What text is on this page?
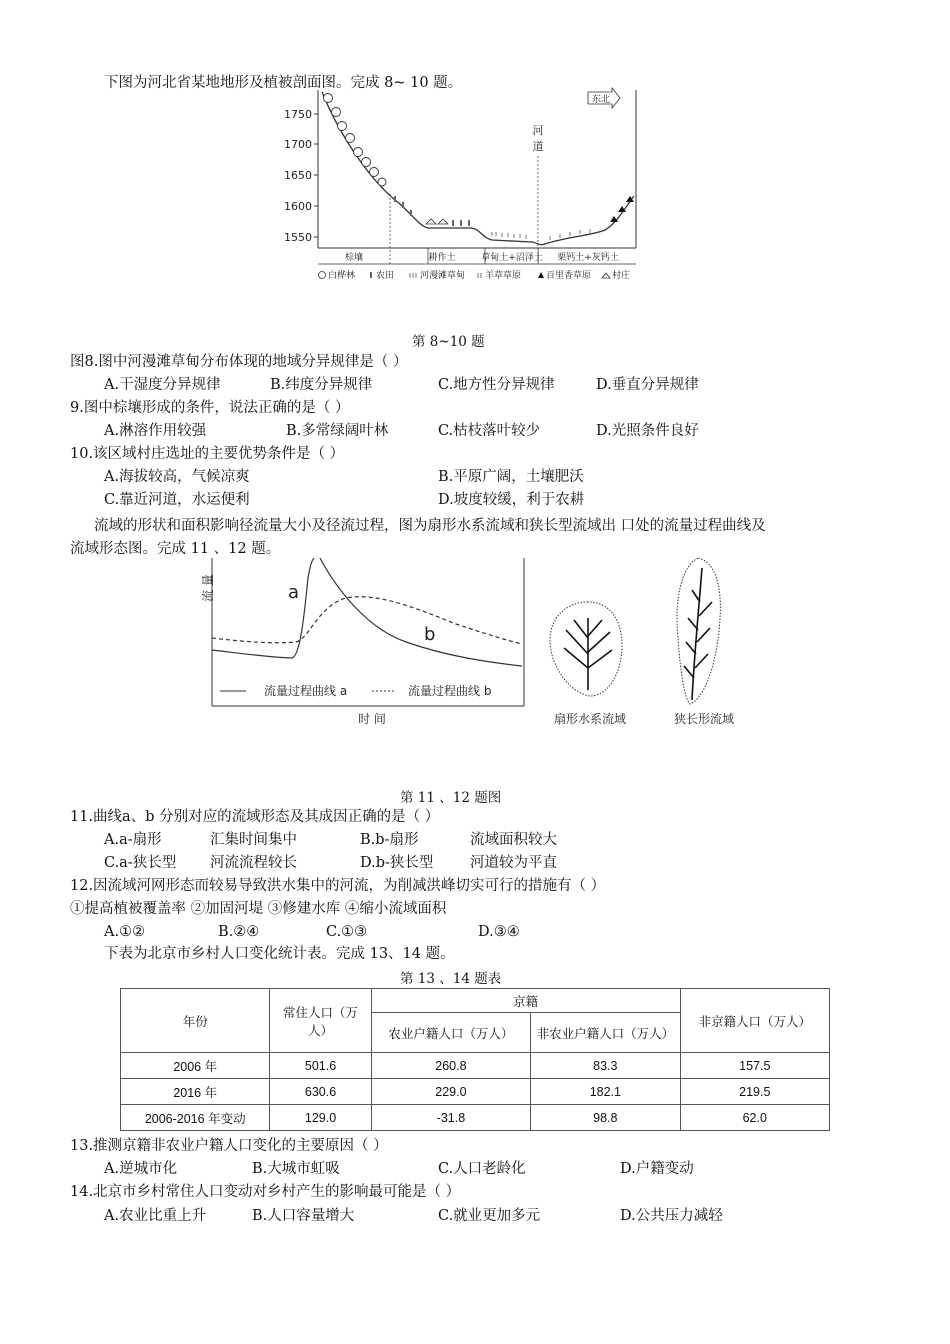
下图为河北省某地地形及植被剖面图。完成 8~ 10 题。
1750
1700
1650
1600
1550
东北
河
道
棕壤	耕作土	草甸土+沼泽土 栗钙土+灰钙土
白桦林 农田	河漫滩草甸 羊草草原	百里香草原 村庄
第 8~10 题
图8.图中河漫滩草甸分布体现的地域分异规律是（ ）
A.干湿度分异规律	B.纬度分异规律	C.地方性分异规律	D.垂直分异规律
9.图中棕壤形成的条件，说法正确的是（ ）
A.淋溶作用较强	B.多常绿阔叶林	C.枯枝落叶较少	D.光照条件良好
10.该区域村庄选址的主要优势条件是（ ）
A.海拔较高，气候凉爽	B.平原广阔，土壤肥沃
C.靠近河道，水运便利	D.坡度较缓，利于农耕
流域的形状和面积影响径流量大小及径流过程，图为扇形水系流域和狭长型流域出 口处的流量过程曲线及
流域形态图。完成 11 、12 题。
流 量	a
b
流量过程曲线 a	流量过程曲线 b
时 间	扇形水系流域	狭长形流域
第 11 、12 题图
11.曲线a、b 分别对应的流域形态及其成因正确的是（ ）
A.a-扇形	汇集时间集中	B.b-扇形	流域面积较大
C.a-狭长型 河流流程较长	D.b-狭长型	河道较为平直
12.因流域河网形态而较易导致洪水集中的河流，为削减洪峰切实可行的措施有（ ）
①提高植被覆盖率 ②加固河堤 ③修建水库 ④缩小流域面积
A.①②	B.②④	C.①③	D.③④
下表为北京市乡村人口变化统计表。完成 13、14 题。
第 13 、14 题表
年份	常住人口（万人）	京籍		非京籍人口（万人）
		农业户籍人口（万人）	非农业户籍人口（万人）	
2006 年	501.6	260.8	83.3	157.5
2016 年	630.6	229.0	182.1	219.5
2006-2016 年变动	129.0	-31.8	98.8	62.0
13.推测京籍非农业户籍人口变化的主要原因（ ）
A.逆城市化	B.大城市虹吸	C.人口老龄化	D.户籍变动
14.北京市乡村常住人口变动对乡村产生的影响最可能是（ ）
A.农业比重上升	B.人口容量增大	C.就业更加多元	D.公共压力减轻
